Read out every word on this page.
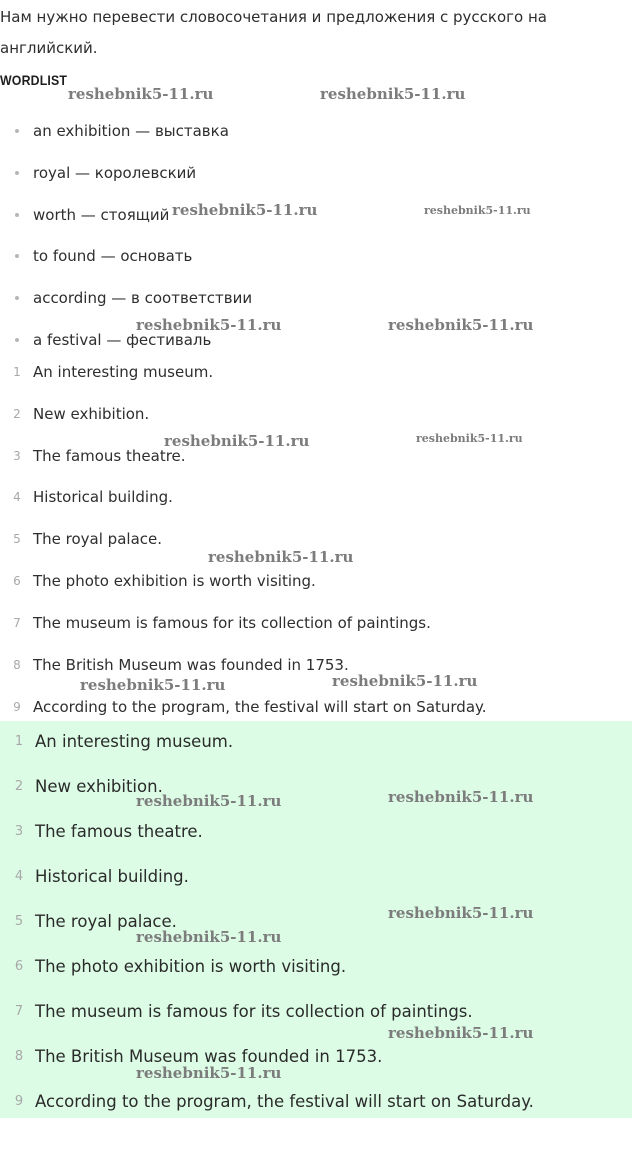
Нам нужно перевести словосочетания и предложения с русского на английский.

WORDLIST
an exhibition — выставка
royal — королевский
worth — стоящий
to found — основать
according — в соответствии
a festival — фестиваль
1 An interesting museum.
2 New exhibition.
3 The famous theatre.
4 Historical building.
5 The royal palace.
6 The photo exhibition is worth visiting.
7 The museum is famous for its collection of paintings.
8 The British Museum was founded in 1753.
9 According to the program, the festival will start on Saturday.
1 An interesting museum.
2 New exhibition.
3 The famous theatre.
4 Historical building.
5 The royal palace.
6 The photo exhibition is worth visiting.
7 The museum is famous for its collection of paintings.
8 The British Museum was founded in 1753.
9 According to the program, the festival will start on Saturday.
reshebnik5-11.ru	reshebnik5-11.ru
reshebnik5-11.ru	reshebnik5-11.ru
reshebnik5-11.ru	reshebnik5-11.ru
reshebnik5-11.ru	reshebnik5-11.ru
reshebnik5-11.ru
reshebnik5-11.ru	reshebnik5-11.ru
reshebnik5-11.ru	reshebnik5-11.ru
reshebnik5-11.ru
reshebnik5-11.ru
reshebnik5-11.ru
reshebnik5-11.ru
